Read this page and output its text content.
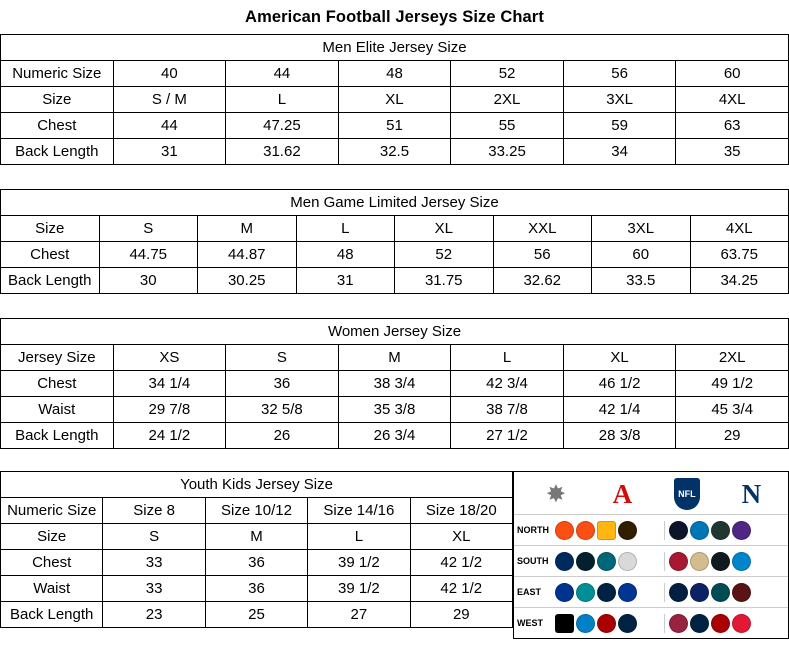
American Football Jerseys Size Chart
Men Elite Jersey Size						
Numeric Size	40	44	48	52	56	60
Size	S / M	L	XL	2XL	3XL	4XL
Chest	44	47.25	51	55	59	63
Back Length	31	31.62	32.5	33.25	34	35
Men Game Limited Jersey Size							
Size	S	M	L	XL	XXL	3XL	4XL
Chest	44.75	44.87	48	52	56	60	63.75
Back Length	30	30.25	31	31.75	32.62	33.5	34.25
Women Jersey Size						
Jersey Size	XS	S	M	L	XL	2XL
Chest	34 1/4	36	38 3/4	42 3/4	46 1/2	49 1/2
Waist	29 7/8	32 5/8	35 3/8	38 7/8	42 1/4	45 3/4
Back Length	24 1/2	26	26 3/4	27 1/2	28 3/8	29
Youth Kids Jersey Size				
Numeric Size	Size 8	Size 10/12	Size 14/16	Size 18/20
Size	S	M	L	XL
Chest	33	36	39 1/2	42 1/2
Waist	33	36	39 1/2	42 1/2
Back Length	23	25	27	29
✸ A	NFL N
NORTH
SOUTH
EAST
WEST
